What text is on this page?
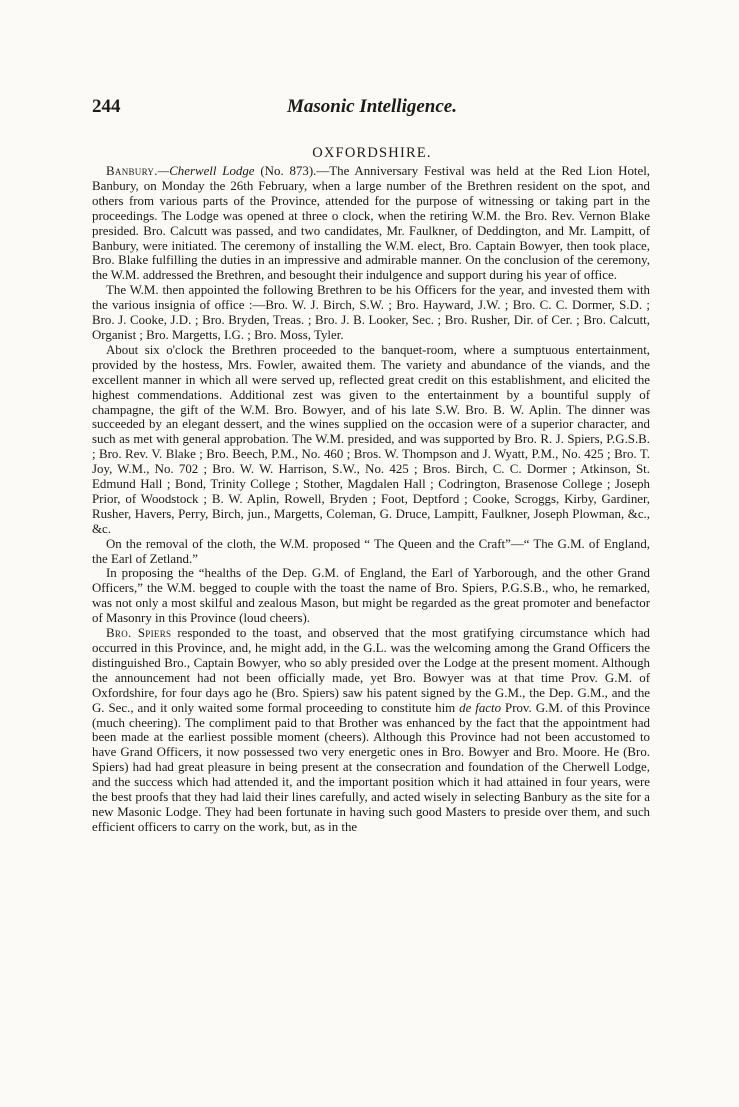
244	Masonic Intelligence.
OXFORDSHIRE.

Banbury.—Cherwell Lodge (No. 873).—The Anniversary Festival was held at the Red Lion Hotel, Banbury, on Monday the 26th February, when a large number of the Brethren resident on the spot, and others from various parts of the Province, attended for the purpose of witnessing or taking part in the proceedings. The Lodge was opened at three o clock, when the retiring W.M. the Bro. Rev. Vernon Blake presided. Bro. Calcutt was passed, and two candidates, Mr. Faulkner, of Deddington, and Mr. Lampitt, of Banbury, were initiated. The ceremony of installing the W.M. elect, Bro. Captain Bowyer, then took place, Bro. Blake fulfilling the duties in an impressive and admirable manner. On the conclusion of the ceremony, the W.M. addressed the Brethren, and besought their indulgence and support during his year of office.

The W.M. then appointed the following Brethren to be his Officers for the year, and invested them with the various insignia of office :—Bro. W. J. Birch, S.W. ; Bro. Hayward, J.W. ; Bro. C. C. Dormer, S.D. ; Bro. J. Cooke, J.D. ; Bro. Bryden, Treas. ; Bro. J. B. Looker, Sec. ; Bro. Rusher, Dir. of Cer. ; Bro. Calcutt, Organist ; Bro. Margetts, I.G. ; Bro. Moss, Tyler.

About six o'clock the Brethren proceeded to the banquet-room, where a sumptuous entertainment, provided by the hostess, Mrs. Fowler, awaited them. The variety and abundance of the viands, and the excellent manner in which all were served up, reflected great credit on this establishment, and elicited the highest commendations. Additional zest was given to the entertainment by a bountiful supply of champagne, the gift of the W.M. Bro. Bowyer, and of his late S.W. Bro. B. W. Aplin. The dinner was succeeded by an elegant dessert, and the wines supplied on the occasion were of a superior character, and such as met with general approbation. The W.M. presided, and was supported by Bro. R. J. Spiers, P.G.S.B. ; Bro. Rev. V. Blake ; Bro. Beech, P.M., No. 460 ; Bros. W. Thompson and J. Wyatt, P.M., No. 425 ; Bro. T. Joy, W.M., No. 702 ; Bro. W. W. Harrison, S.W., No. 425 ; Bros. Birch, C. C. Dormer ; Atkinson, St. Edmund Hall ; Bond, Trinity College ; Stother, Magdalen Hall ; Codrington, Brasenose College ; Joseph Prior, of Woodstock ; B. W. Aplin, Rowell, Bryden ; Foot, Deptford ; Cooke, Scroggs, Kirby, Gardiner, Rusher, Havers, Perry, Birch, jun., Margetts, Coleman, G. Druce, Lampitt, Faulkner, Joseph Plowman, &c., &c.

On the removal of the cloth, the W.M. proposed “ The Queen and the Craft”—“ The G.M. of England, the Earl of Zetland.”

In proposing the “healths of the Dep. G.M. of England, the Earl of Yarborough, and the other Grand Officers,” the W.M. begged to couple with the toast the name of Bro. Spiers, P.G.S.B., who, he remarked, was not only a most skilful and zealous Mason, but might be regarded as the great promoter and benefactor of Masonry in this Province (loud cheers).

Bro. Spiers responded to the toast, and observed that the most gratifying circumstance which had occurred in this Province, and, he might add, in the G.L. was the welcoming among the Grand Officers the distinguished Bro., Captain Bowyer, who so ably presided over the Lodge at the present moment. Although the announcement had not been officially made, yet Bro. Bowyer was at that time Prov. G.M. of Oxfordshire, for four days ago he (Bro. Spiers) saw his patent signed by the G.M., the Dep. G.M., and the G. Sec., and it only waited some formal proceeding to constitute him de facto Prov. G.M. of this Province (much cheering). The compliment paid to that Brother was enhanced by the fact that the appointment had been made at the earliest possible moment (cheers). Although this Province had not been accustomed to have Grand Officers, it now possessed two very energetic ones in Bro. Bowyer and Bro. Moore. He (Bro. Spiers) had had great pleasure in being present at the consecration and foundation of the Cherwell Lodge, and the success which had attended it, and the important position which it had attained in four years, were the best proofs that they had laid their lines carefully, and acted wisely in selecting Banbury as the site for a new Masonic Lodge. They had been fortunate in having such good Masters to preside over them, and such efficient officers to carry on the work, but, as in the
